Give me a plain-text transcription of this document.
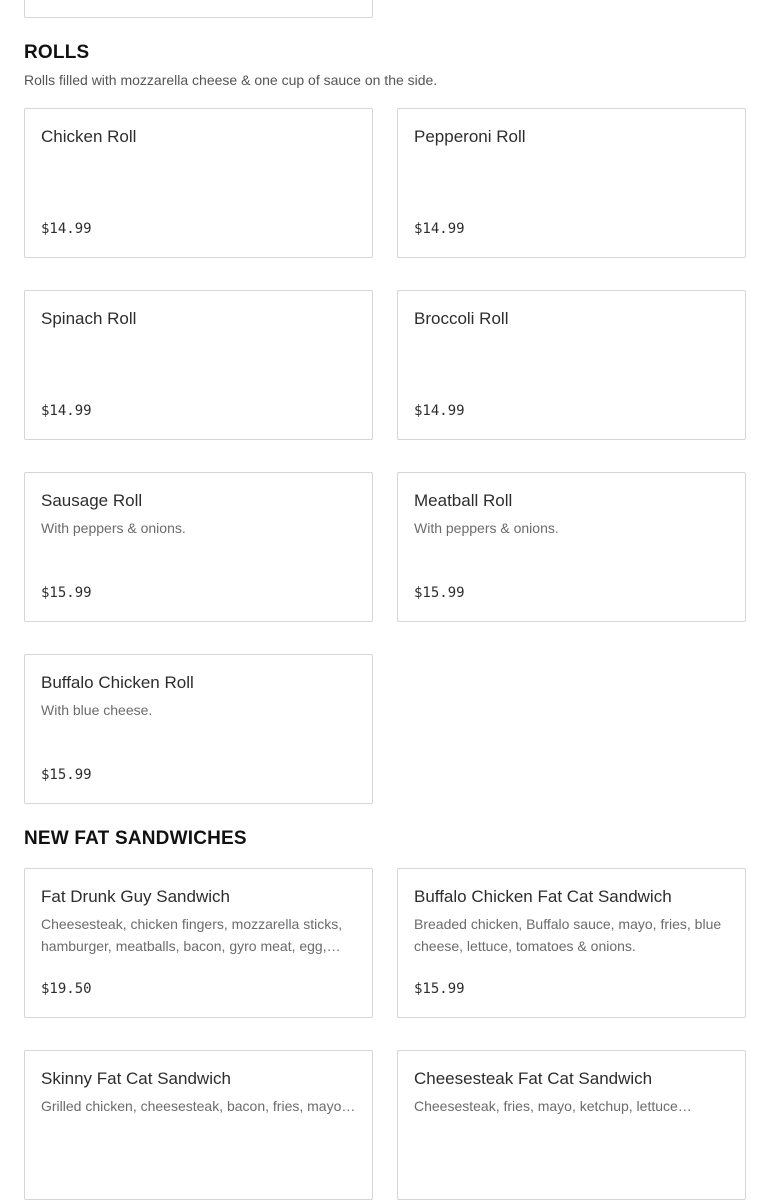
ROLLS

Rolls filled with mozzarella cheese & one cup of sauce on the side.

Chicken Roll
$14.99
Pepperoni Roll
$14.99
Spinach Roll
$14.99
Broccoli Roll
$14.99
Sausage Roll
With peppers & onions.
$15.99
Meatball Roll
With peppers & onions.
$15.99
Buffalo Chicken Roll
With blue cheese.
$15.99
NEW FAT SANDWICHES
Fat Drunk Guy Sandwich
Cheesesteak, chicken fingers, mozzarella sticks, hamburger, meatballs, bacon, gyro meat, egg,…
$19.50
Buffalo Chicken Fat Cat Sandwich
Breaded chicken, Buffalo sauce, mayo, fries, blue cheese, lettuce, tomatoes & onions.
$15.99
Skinny Fat Cat Sandwich
Grilled chicken, cheesesteak, bacon, fries, mayo…
Cheesesteak Fat Cat Sandwich
Cheesesteak, fries, mayo, ketchup, lettuce…
